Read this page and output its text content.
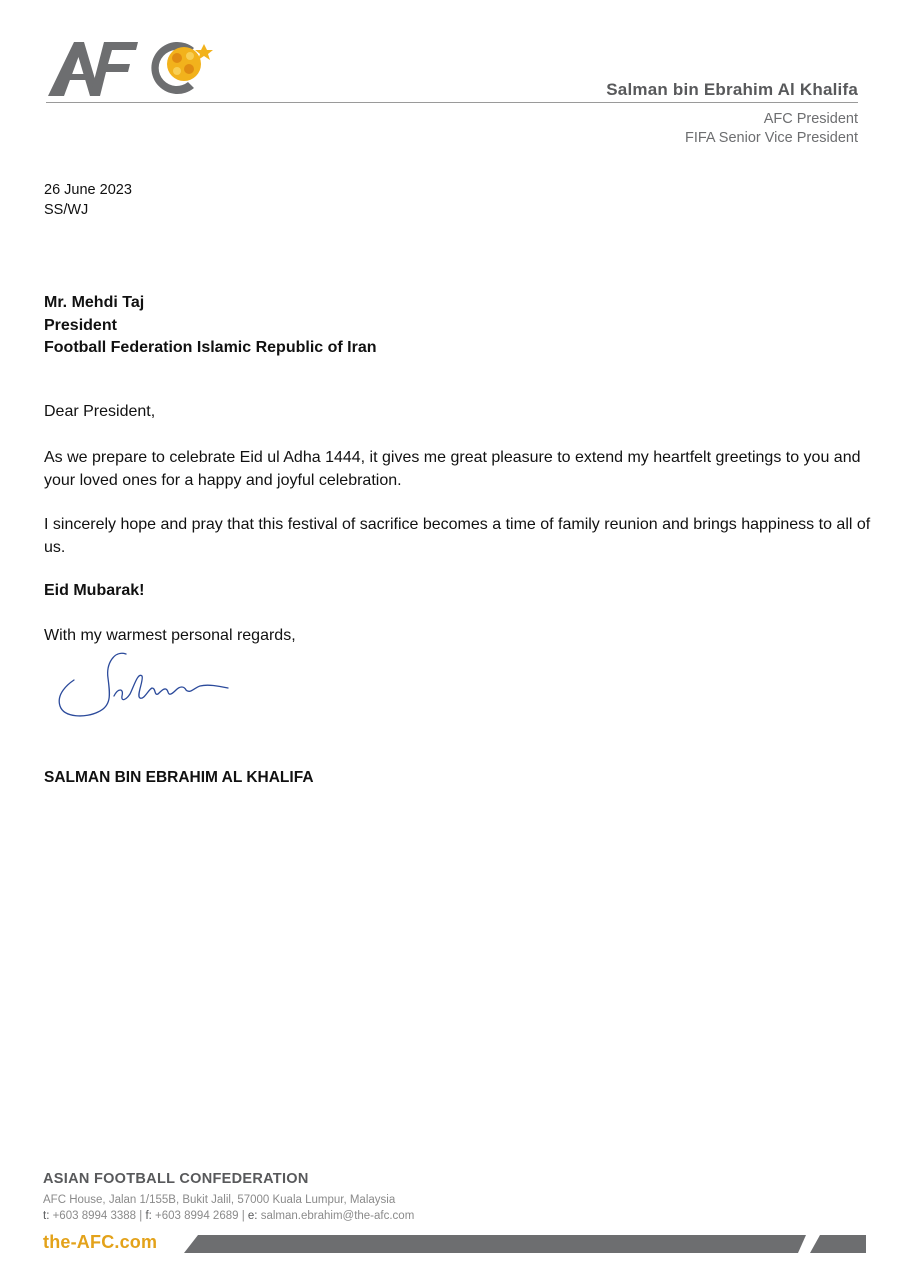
Salman bin Ebrahim Al Khalifa
AFC President
FIFA Senior Vice President
26 June 2023
SS/WJ
Mr. Mehdi Taj
President
Football Federation Islamic Republic of Iran
Dear President,
As we prepare to celebrate Eid ul Adha 1444, it gives me great pleasure to extend my heartfelt greetings to you and your loved ones for a happy and joyful celebration.
I sincerely hope and pray that this festival of sacrifice becomes a time of family reunion and brings happiness to all of us.
Eid Mubarak!
With my warmest personal regards,
SALMAN BIN EBRAHIM AL KHALIFA
ASIAN FOOTBALL CONFEDERATION
AFC House, Jalan 1/155B, Bukit Jalil, 57000 Kuala Lumpur, Malaysia
t: +603 8994 3388 | f: +603 8994 2689 | e: salman.ebrahim@the-afc.com
the-AFC.com
